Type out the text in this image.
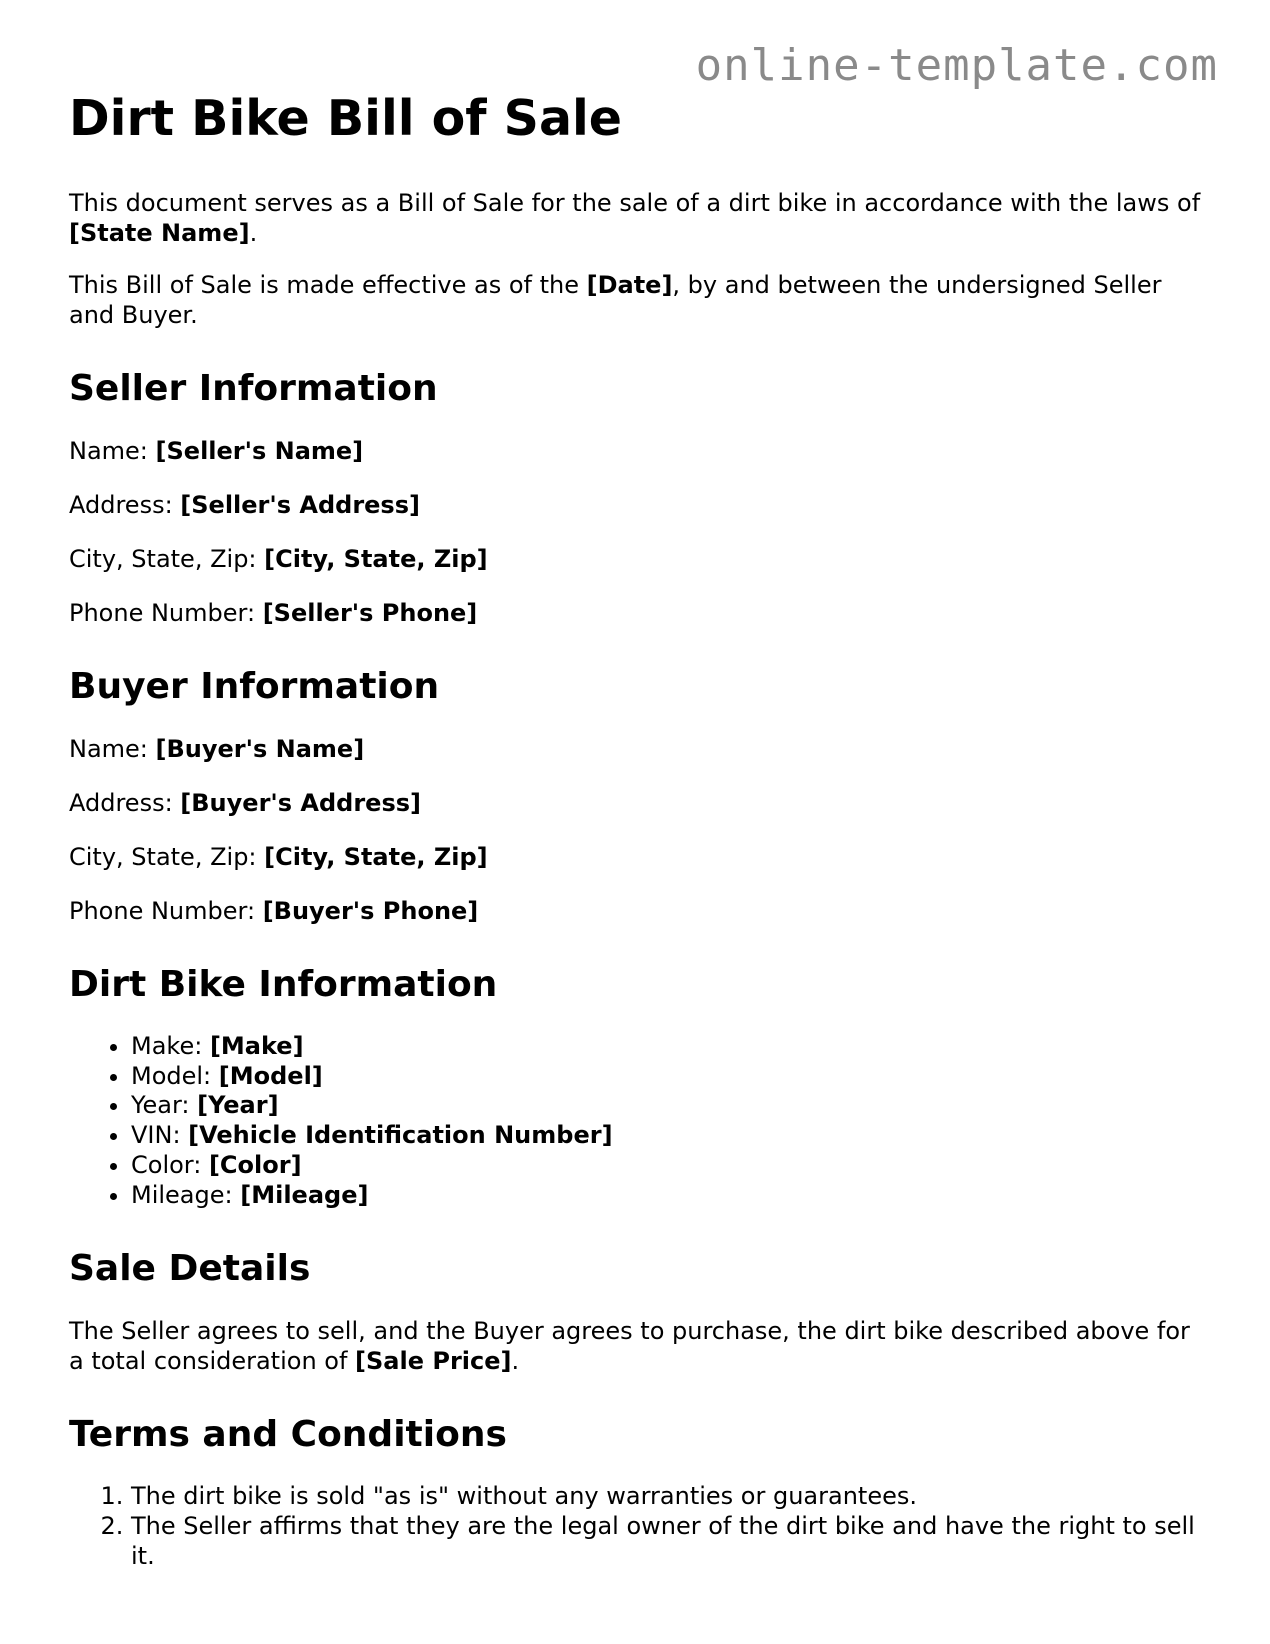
online-template.com
Dirt Bike Bill of Sale

This document serves as a Bill of Sale for the sale of a dirt bike in accordance with the laws of [State Name].

This Bill of Sale is made effective as of the [Date], by and between the undersigned Seller and Buyer.

Seller Information

Name: [Seller's Name]

Address: [Seller's Address]

City, State, Zip: [City, State, Zip]

Phone Number: [Seller's Phone]

Buyer Information

Name: [Buyer's Name]

Address: [Buyer's Address]

City, State, Zip: [City, State, Zip]

Phone Number: [Buyer's Phone]

Dirt Bike Information
• Make: [Make]
• Model: [Model]
• Year: [Year]
• VIN: [Vehicle Identification Number]
• Color: [Color]
• Mileage: [Mileage]
Sale Details

The Seller agrees to sell, and the Buyer agrees to purchase, the dirt bike described above for a total consideration of [Sale Price].

Terms and Conditions
1. The dirt bike is sold "as is" without any warranties or guarantees.
2. The Seller affirms that they are the legal owner of the dirt bike and have the right to sell it.
